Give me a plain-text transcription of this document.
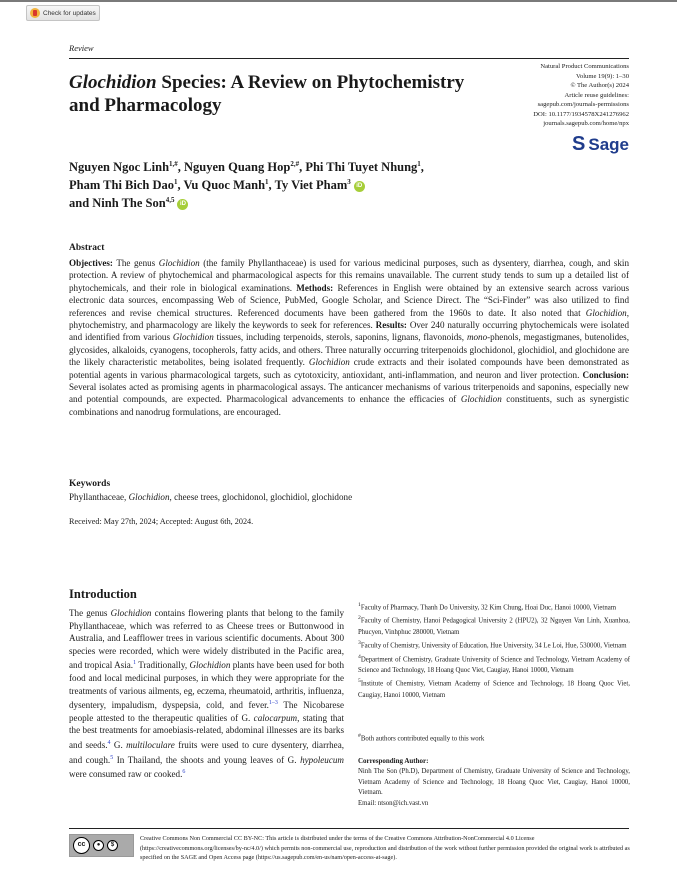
Check for updates
Review
Glochidion Species: A Review on Phytochemistry
and Pharmacology
Natural Product Communications
Volume 19(9): 1–30
© The Author(s) 2024
Article reuse guidelines:
sagepub.com/journals-permissions
DOI: 10.1177/1934578X241276962
journals.sagepub.com/home/npx
S Sage
Nguyen Ngoc Linh$^{1,\#}$, Nguyen Quang Hop$^{2,\#}$, Phi Thi Tuyet Nhung$^1$,
Pham Thi Bich Dao$^1$, Vu Quoc Manh$^1$, Ty Viet Pham$^3$ iD
and Ninh The Son$^{4,5}$ iD
Abstract

Objectives: The genus Glochidion (the family Phyllanthaceae) is used for various medicinal purposes, such as dysentery, diarrhea, cough, and skin protection. A review of phytochemical and pharmacological aspects for this remains unavailable. The current study tends to sum up a detailed list of phytochemicals, and their role in biological examinations. Methods: References in English were obtained by an extensive search across various electronic data sources, encompassing Web of Science, PubMed, Google Scholar, and Science Direct. The “Sci-Finder” was also utilized to find references and revise chemical structures. Referenced documents have been gathered from the 1960s to date. It also noted that Glochidion, phytochemistry, and pharmacology are likely the keywords to seek for references. Results: Over 240 naturally occurring phytochemicals were isolated and identified from various Glochidion tissues, including terpenoids, sterols, saponins, lignans, flavonoids, mono-phenols, megastigmanes, butenolides, glycosides, alkaloids, cyanogens, tocopherols, fatty acids, and others. Three naturally occurring triterpenoids glochidonol, glochidiol, and glochidone are the likely characteristic metabolites, being isolated frequently. Glochidion crude extracts and their isolated compounds have been demonstrated as potential agents in various pharmacological targets, such as cytotoxicity, antioxidant, anti-inflammation, and neuron and liver protection. Conclusion: Several isolates acted as promising agents in pharmacological assays. The anticancer mechanisms of various triterpenoids and saponins, especially new and potential compounds, are expected. Pharmacological advancements to enhance the efficacies of Glochidion constituents, such as synergistic combinations and nanodrug formulations, are encouraged.

Keywords

Phyllanthaceae, Glochidion, cheese trees, glochidonol, glochidiol, glochidone

Received: May 27th, 2024; Accepted: August 6th, 2024.
Introduction

The genus Glochidion contains flowering plants that belong to the family Phyllanthaceae, which was referred to as Cheese trees or Buttonwood in Australia, and Leafflower trees in various scientific documents. About 300 species were recorded, which were widely distributed in the Pacific area, and tropical Asia.$^1$ Traditionally, Glochidion plants have been used for both food and local medicinal purposes, in which they were appropriate for the treatments of various ailments, eg, eczema, rheumatoid, arthritis, influenza, dysentery, impaludism, dyspepsia, cold, and fever.$^{1-3}$ The Nicobarese people attested to the therapeutic qualities of G. calocarpum, stating that the best treatments for amoebiasis-related, abdominal illnesses are its barks and seeds.$^4$ G. multiloculare fruits were used to cure dysentery, diarrhea, and cough.$^5$ In Thailand, the shoots and young leaves of G. hypoleucum were consumed raw or cooked.$^6$

$^1$Faculty of Pharmacy, Thanh Do University, 32 Kim Chung, Hoai Duc, Hanoi 10000, Vietnam

$^2$Faculty of Chemistry, Hanoi Pedagogical University 2 (HPU2), 32 Nguyen Van Linh, Xuanhoa, Phucyen, Vinhphuc 280000, Vietnam

$^3$Faculty of Chemistry, University of Education, Hue University, 34 Le Loi, Hue, 530000, Vietnam

$^4$Department of Chemistry, Graduate University of Science and Technology, Vietnam Academy of Science and Technology, 18 Hoang Quoc Viet, Caugiay, Hanoi 10000, Vietnam

$^5$Institute of Chemistry, Vietnam Academy of Science and Technology, 18 Hoang Quoc Viet, Caugiay, Hanoi 10000, Vietnam

#Both authors contributed equally to this work
Corresponding Author:

Ninh The Son (Ph.D), Department of Chemistry, Graduate University of Science and Technology, Vietnam Academy of Science and Technology, 18 Hoang Quoc Viet, Caugiay, Hanoi 10000, Vietnam.

Email: ntson@ich.vast.vn

cc	●	$
Creative Commons Non Commercial CC BY-NC: This article is distributed under the terms of the Creative Commons Attribution-NonCommercial 4.0 License (https://creativecommons.org/licenses/by-nc/4.0/) which permits non-commercial use, reproduction and distribution of the work without further permission provided the original work is attributed as specified on the SAGE and Open Access page (https://us.sagepub.com/en-us/nam/open-access-at-sage).
